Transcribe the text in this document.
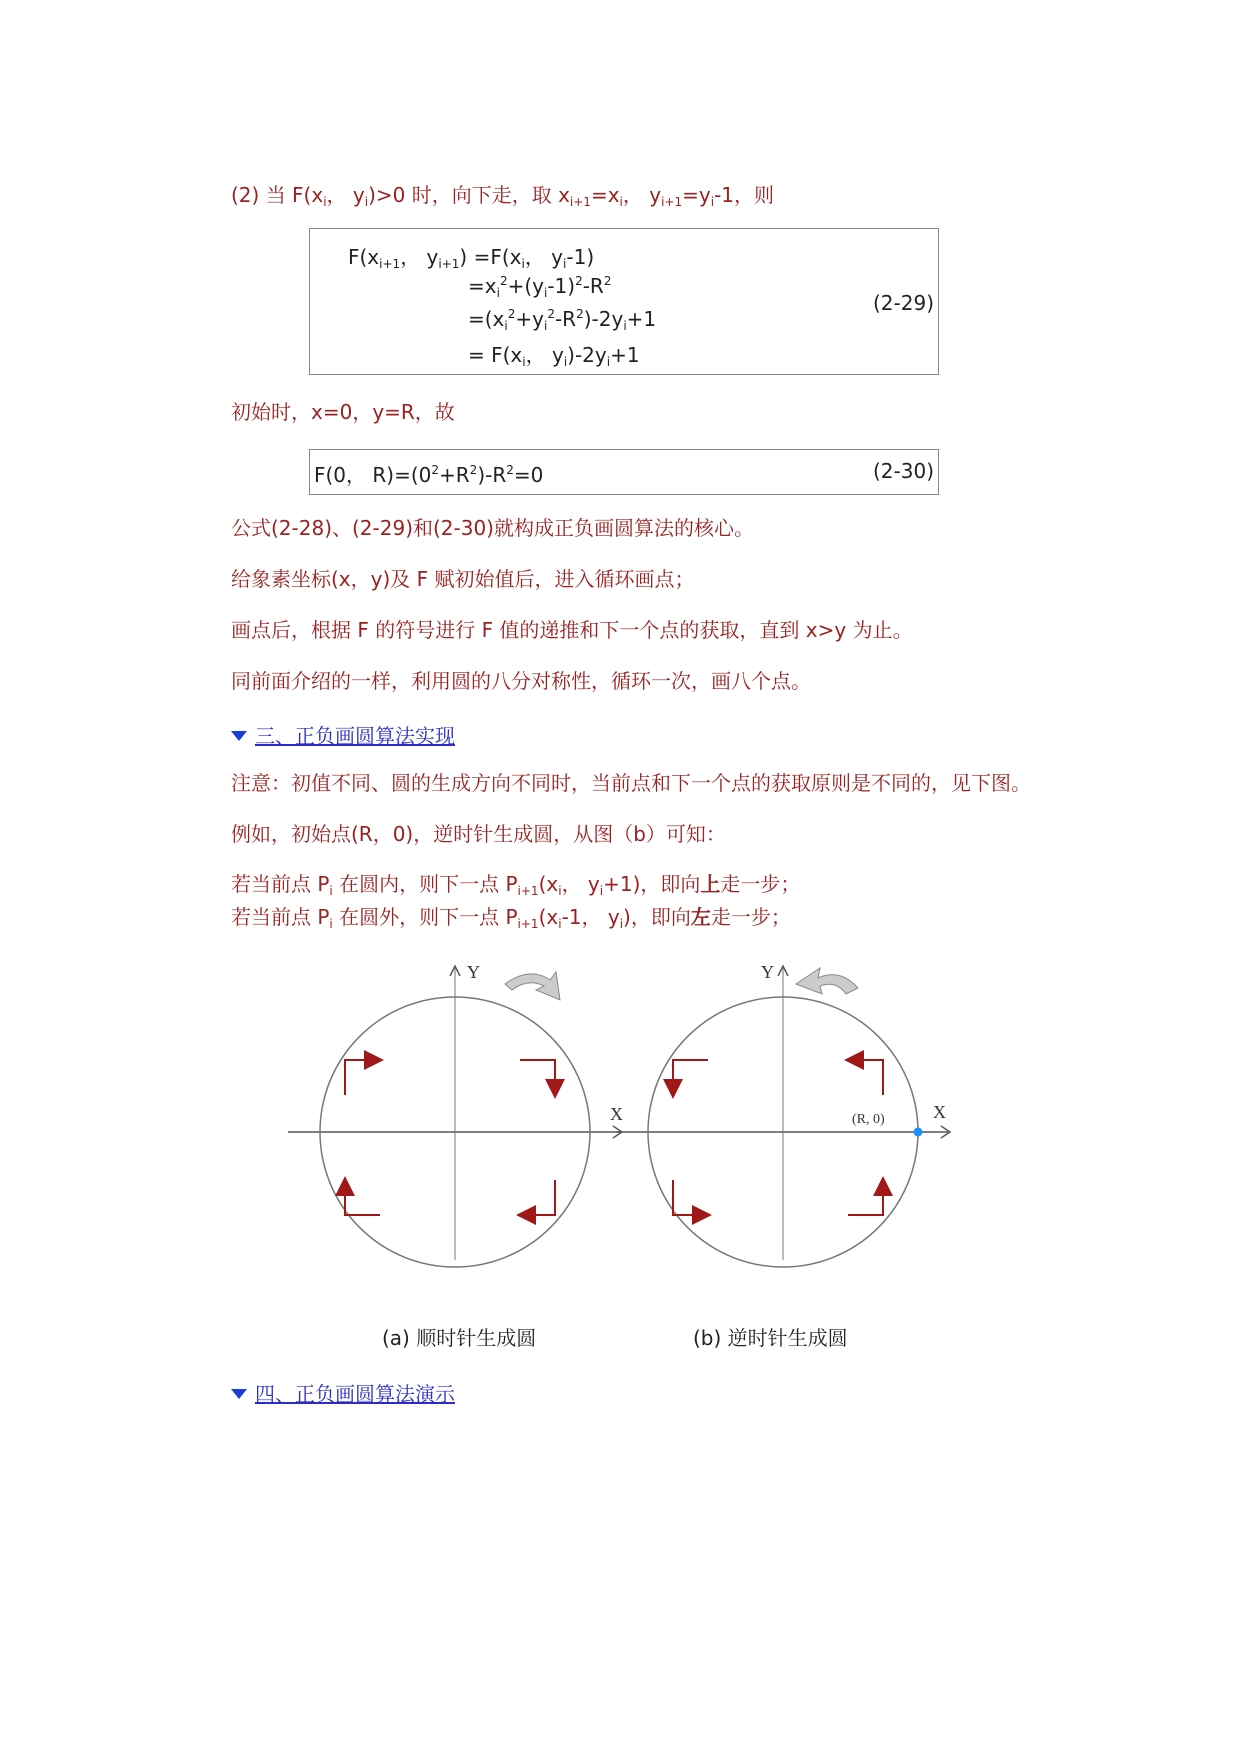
(2) 当 $F(x_i$， $y_i)>0$ 时，向下走，取 $x_{i+1}=x_i$， $y_{i+1}=y_i-1$，则
$F(x_{i+1}$， $y_{i+1}) =F(x_i$， $y_i-1$)
$=x_i^2+(y_i-1)^2-R^2$
$=(x_i^2+y_i^2-R^2)-2y_i+1$
= $F(x_i$， $y_i)-2y_i+1$
(2-29)
初始时，x=0，y=R，故
F(0， $R)=(0^2+R^2)-R^2=0$	(2-30)
公式(2-28)、(2-29)和(2-30)就构成正负画圆算法的核心。
给象素坐标(x，y)及 F 赋初始值后，进入循环画点；
画点后，根据 F 的符号进行 F 值的递推和下一个点的获取，直到 x>y 为止。
同前面介绍的一样，利用圆的八分对称性，循环一次，画八个点。
三、正负画圆算法实现
注意：初值不同、圆的生成方向不同时，当前点和下一个点的获取原则是不同的，见下图。
例如，初始点(R，0)，逆时针生成圆，从图（b）可知：
若当前点 $P_i$ 在圆内，则下一点 $P_{i+1}(x_i$， $y_i+1$)，即向上走一步；
若当前点 $P_i$ 在圆外，则下一点 $P_{i+1}(x_i-1$， $y_i$)，即向左走一步；
X
Y
X
Y
(R, 0)
(a) 顺时针生成圆	(b) 逆时针生成圆
四、正负画圆算法演示
